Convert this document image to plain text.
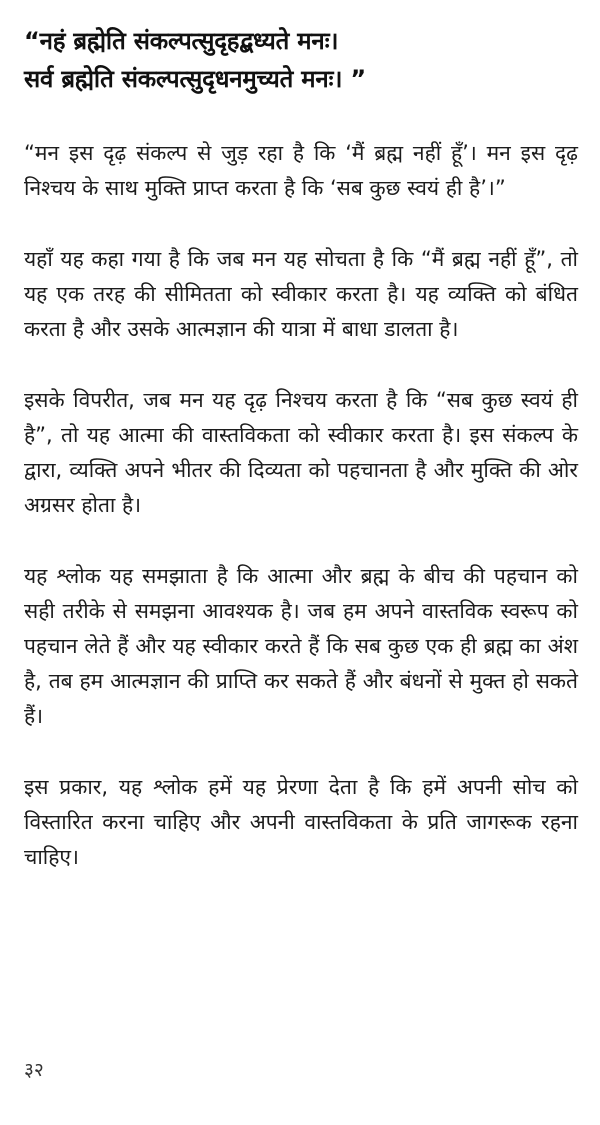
“नहं ब्रह्मेति संकल्पत्सुदृहद्बध्यते मनः।
सर्व ब्रह्मेति संकल्पत्सुदृधनमुच्यते मनः। ”

“मन इस दृढ़ संकल्प से जुड़ रहा है कि ‘मैं ब्रह्म नहीं हूँ’। मन इस दृढ़ निश्चय के साथ मुक्ति प्राप्त करता है कि ‘सब कुछ स्वयं ही है’।”

यहाँ यह कहा गया है कि जब मन यह सोचता है कि “मैं ब्रह्म नहीं हूँ”, तो यह एक तरह की सीमितता को स्वीकार करता है। यह व्यक्ति को बंधित करता है और उसके आत्मज्ञान की यात्रा में बाधा डालता है।

इसके विपरीत, जब मन यह दृढ़ निश्चय करता है कि “सब कुछ स्वयं ही है”, तो यह आत्मा की वास्तविकता को स्वीकार करता है। इस संकल्प के द्वारा, व्यक्ति अपने भीतर की दिव्यता को पहचानता है और मुक्ति की ओर अग्रसर होता है।

यह श्लोक यह समझाता है कि आत्मा और ब्रह्म के बीच की पहचान को सही तरीके से समझना आवश्यक है। जब हम अपने वास्तविक स्वरूप को पहचान लेते हैं और यह स्वीकार करते हैं कि सब कुछ एक ही ब्रह्म का अंश है, तब हम आत्मज्ञान की प्राप्ति कर सकते हैं और बंधनों से मुक्त हो सकते हैं।

इस प्रकार, यह श्लोक हमें यह प्रेरणा देता है कि हमें अपनी सोच को विस्तारित करना चाहिए और अपनी वास्तविकता के प्रति जागरूक रहना चाहिए।

३२
